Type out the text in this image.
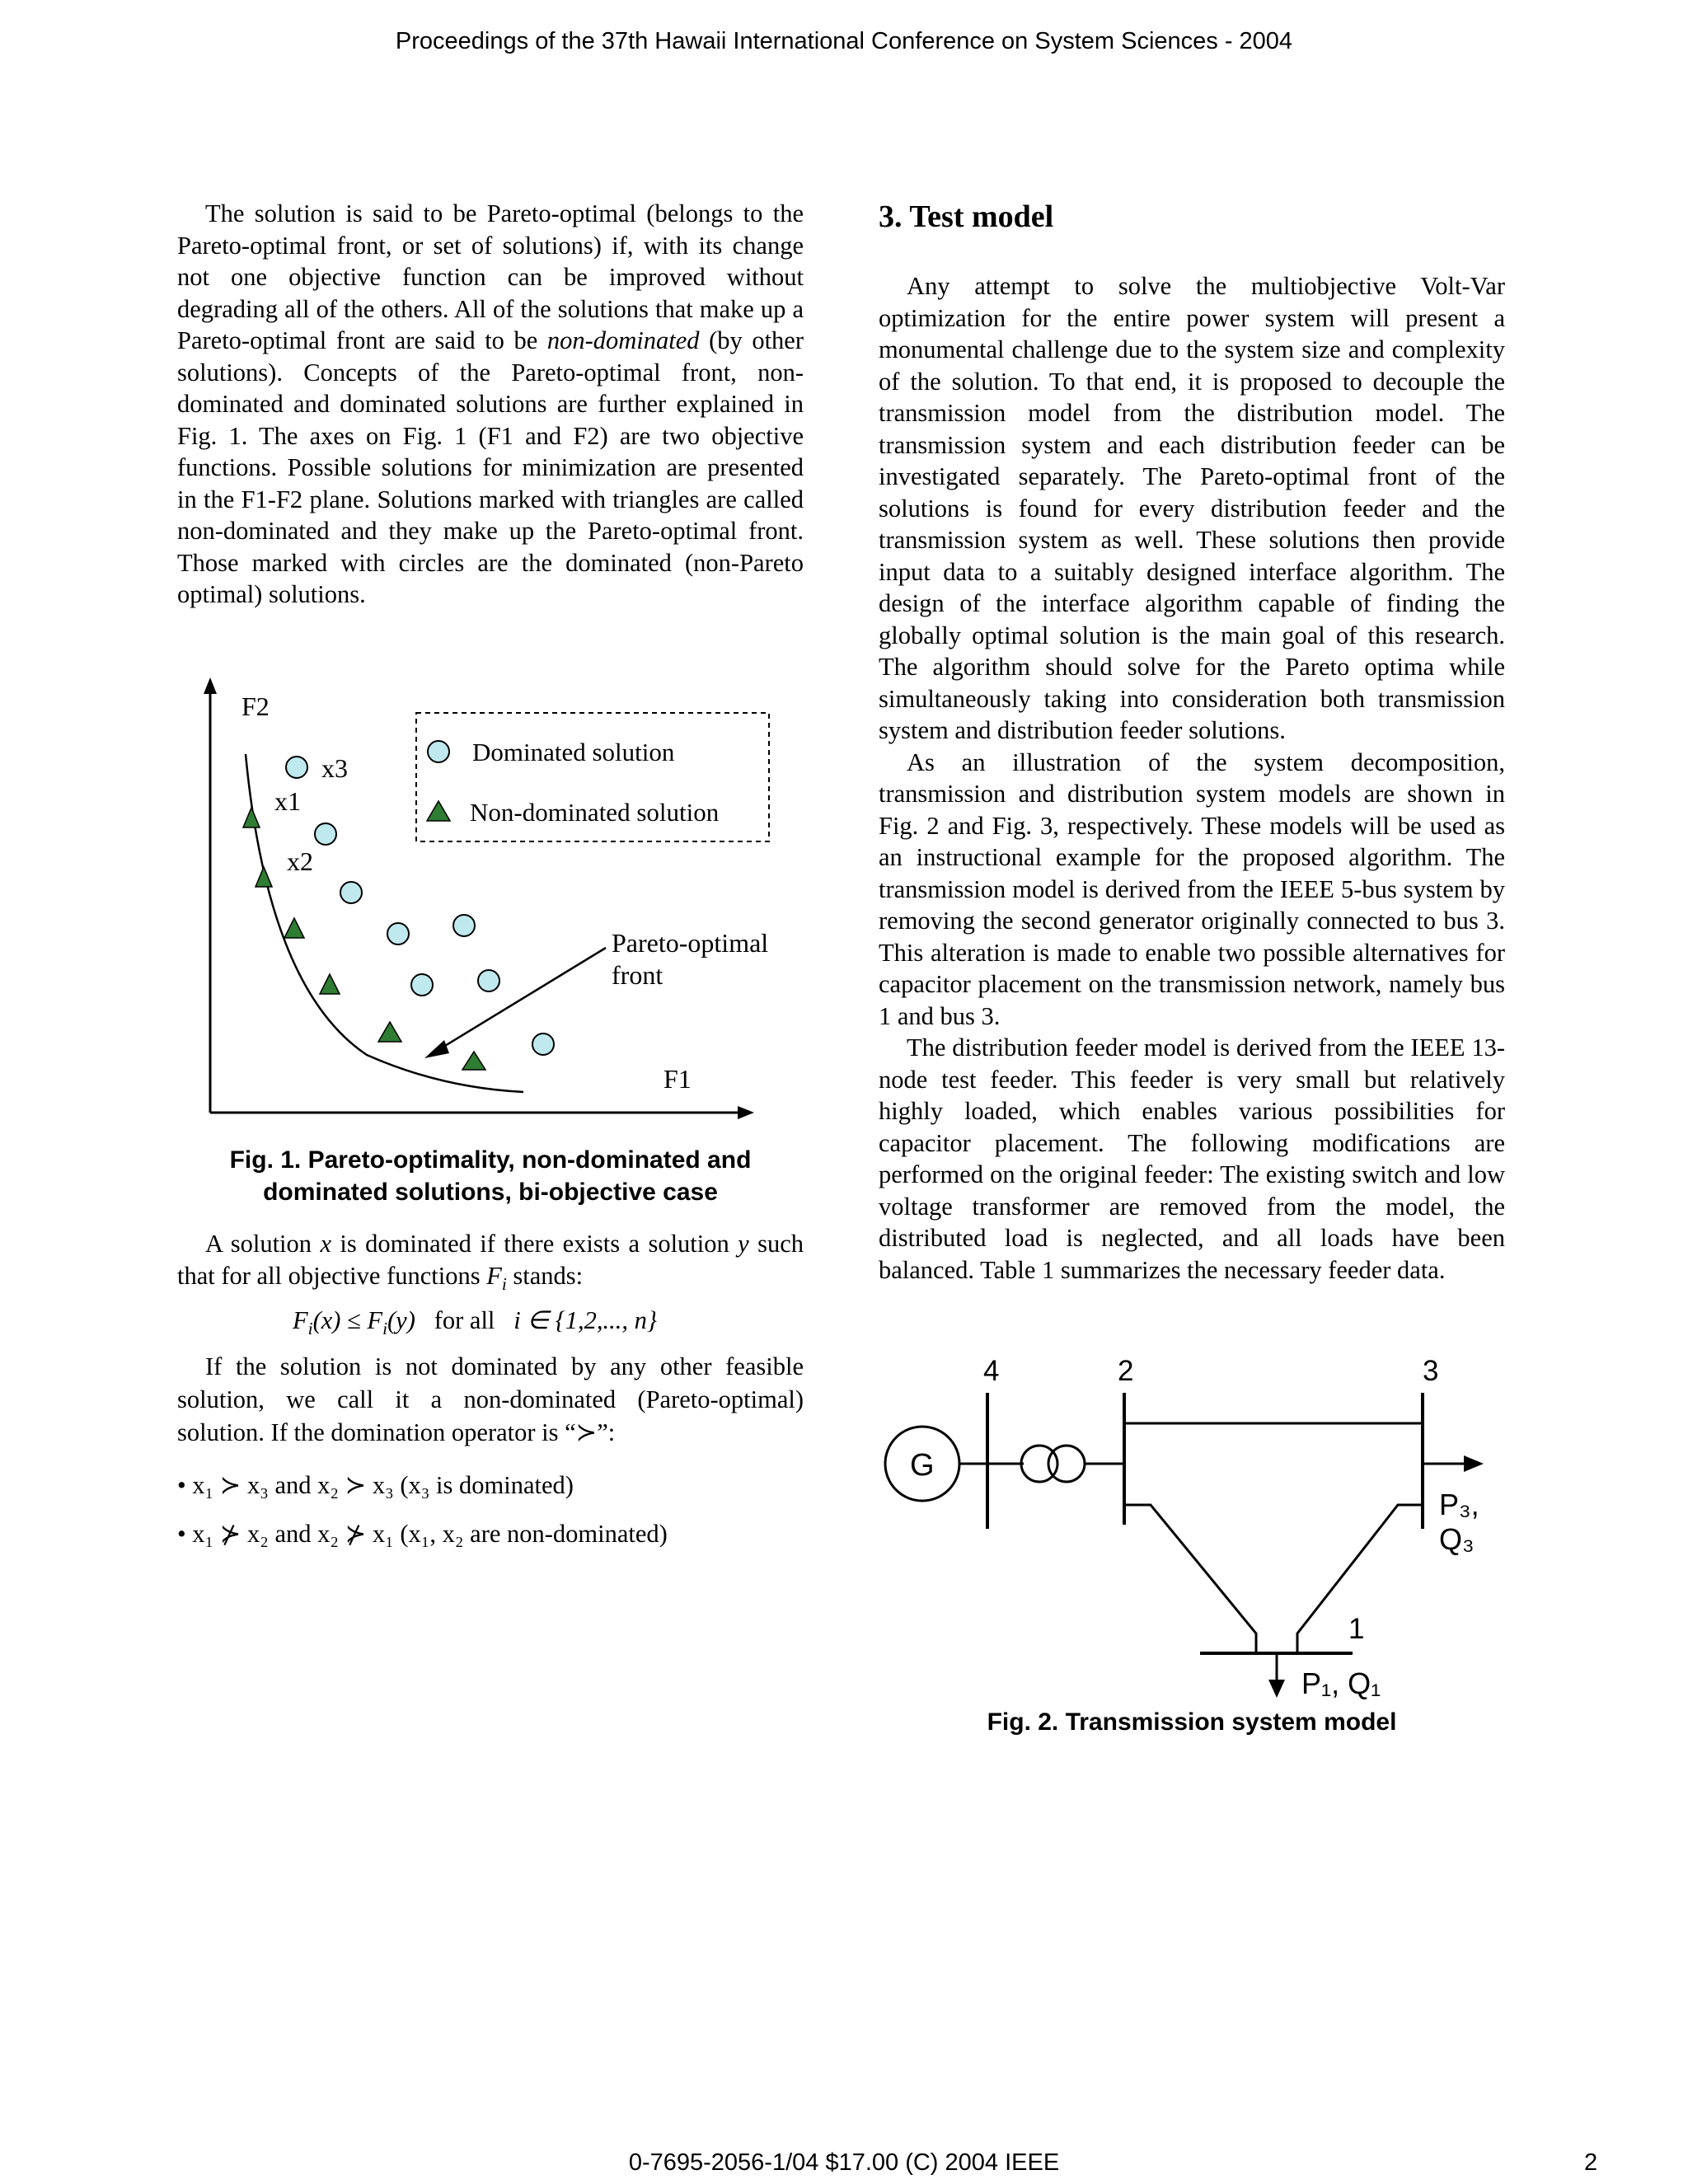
Proceedings of the 37th Hawaii International Conference on System Sciences - 2004

The solution is said to be Pareto-optimal (belongs to the Pareto-optimal front, or set of solutions) if, with its change not one objective function can be improved without degrading all of the others. All of the solutions that make up a Pareto-optimal front are said to be non-dominated (by other solutions). Concepts of the Pareto-optimal front, non-dominated and dominated solutions are further explained in Fig. 1. The axes on Fig. 1 (F1 and F2) are two objective functions. Possible solutions for minimization are presented in the F1-F2 plane. Solutions marked with triangles are called non-dominated and they make up the Pareto-optimal front. Those marked with circles are the dominated (non-Pareto optimal) solutions.

F2
F1
x3
x1
x2
Dominated solution
Non-dominated solution
Pareto-optimal
front
Fig. 1. Pareto-optimality, non-dominated and
dominated solutions, bi-objective case

A solution x is dominated if there exists a solution y such that for all objective functions $F_i$ stands:

$F_i(x) \le F_i(y)$ for all i ∈ {1,2,..., n}

If the solution is not dominated by any other feasible solution, we call it a non-dominated (Pareto-optimal) solution. If the domination operator is “≻”:

• x₁ ≻ x₃ and x₂ ≻ x₃ (x₃ is dominated)
• x₁ ⊁ x₂ and x₂ ⊁ x₁ (x₁, x₂ are non-dominated)
3. Test model

Any attempt to solve the multiobjective Volt-Var optimization for the entire power system will present a monumental challenge due to the system size and complexity of the solution. To that end, it is proposed to decouple the transmission model from the distribution model. The transmission system and each distribution feeder can be investigated separately. The Pareto-optimal front of the solutions is found for every distribution feeder and the transmission system as well. These solutions then provide input data to a suitably designed interface algorithm. The design of the interface algorithm capable of finding the globally optimal solution is the main goal of this research. The algorithm should solve for the Pareto optima while simultaneously taking into consideration both transmission system and distribution feeder solutions.

As an illustration of the system decomposition, transmission and distribution system models are shown in Fig. 2 and Fig. 3, respectively. These models will be used as an instructional example for the proposed algorithm. The transmission model is derived from the IEEE 5-bus system by removing the second generator originally connected to bus 3. This alteration is made to enable two possible alternatives for capacitor placement on the transmission network, namely bus 1 and bus 3.

The distribution feeder model is derived from the IEEE 13-node test feeder. This feeder is very small but relatively highly loaded, which enables various possibilities for capacitor placement. The following modifications are performed on the original feeder: The existing switch and low voltage transformer are removed from the model, the distributed load is neglected, and all loads have been balanced. Table 1 summarizes the necessary feeder data.

4	2	3
G
P₃,
Q₃
1
P₁, Q₁
Fig. 2. Transmission system model
0-7695-2056-1/04 $17.00 (C) 2004 IEEE	2
